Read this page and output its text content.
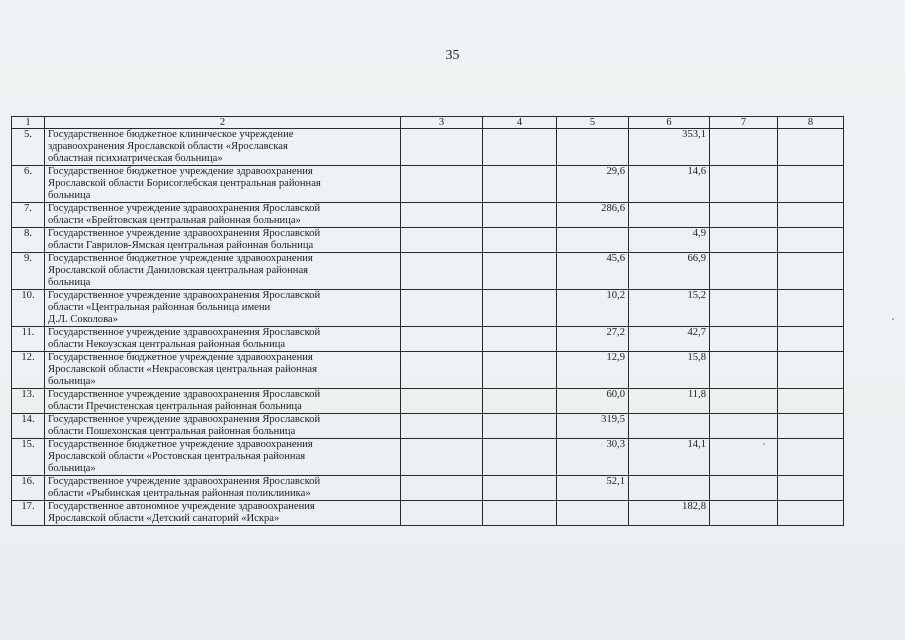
35
1	2	3	4	5	6	7	8
5.	Государственное бюджетное клиническое учреждение
здравоохранения Ярославской области «Ярославская
областная психиатрическая больница»				353,1		
6.	Государственное бюджетное учреждение здравоохранения
Ярославской области Борисоглебская центральная районная
больница			29,6	14,6		
7.	Государственное учреждение здравоохранения Ярославской
области «Брейтовская центральная районная больница»			286,6			
8.	Государственное учреждение здравоохранения Ярославской
области Гаврилов-Ямская центральная районная больница				4,9		
9.	Государственное бюджетное учреждение здравоохранения
Ярославской области Даниловская центральная районная
больница			45,6	66,9		
10.	Государственное учреждение здравоохранения Ярославской
области «Центральная районная больница имени
Д.Л. Соколова»			10,2	15,2		
11.	Государственное учреждение здравоохранения Ярославской
области Некоузская центральная районная больница			27,2	42,7		
12.	Государственное бюджетное учреждение здравоохранения
Ярославской области «Некрасовская центральная районная
больница»			12,9	15,8		
13.	Государственное учреждение здравоохранения Ярославской
области Пречистенская центральная районная больница			60,0	11,8		
14.	Государственное учреждение здравоохранения Ярославской
области Пошехонская центральная районная больница			319,5			
15.	Государственное бюджетное учреждение здравоохранения
Ярославской области «Ростовская центральная районная
больница»			30,3	14,1		
16.	Государственное учреждение здравоохранения Ярославской
области «Рыбинская центральная районная поликлиника»			52,1			
17.	Государственное автономное учреждение здравоохранения
Ярославской области «Детский санаторий «Искра»				182,8		
